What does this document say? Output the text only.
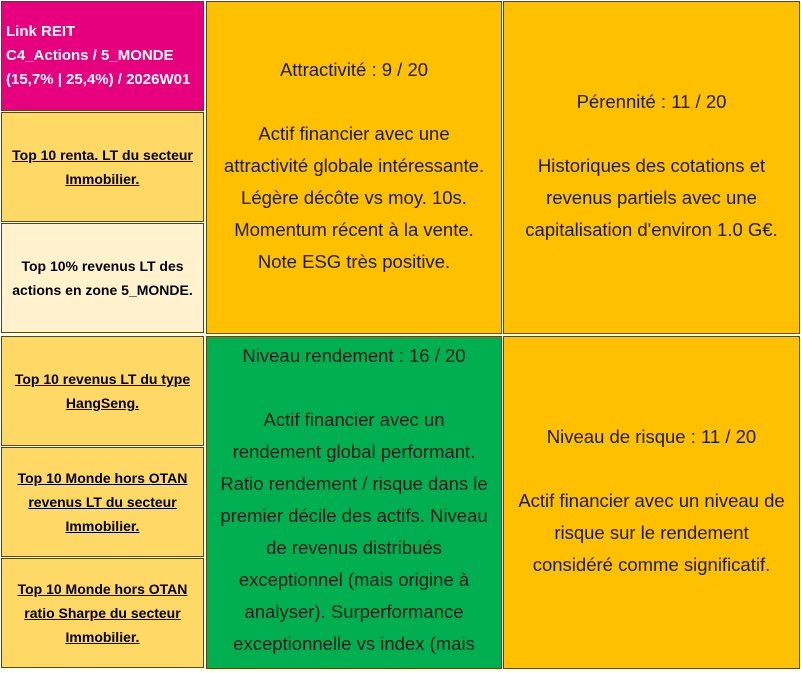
Link REIT
C4_Actions / 5_MONDE
(15,7% | 25,4%) / 2026W01
Top 10 renta. LT du secteur
Immobilier.
Top 10% revenus LT des
actions en zone 5_MONDE.
Top 10 revenus LT du type
HangSeng.
Top 10 Monde hors OTAN
revenus LT du secteur
Immobilier.
Top 10 Monde hors OTAN
ratio Sharpe du secteur
Immobilier.
Attractivité : 9 / 20
Actif financier avec une
attractivité globale intéressante.
Légère décôte vs moy. 10s.
Momentum récent à la vente.
Note ESG très positive.
Pérennité : 11 / 20
Historiques des cotations et
revenus partiels avec une
capitalisation d'environ 1.0 G€.
Niveau rendement : 16 / 20
Actif financier avec un
rendement global performant.
Ratio rendement / risque dans le
premier décile des actifs. Niveau
de revenus distribués
exceptionnel (mais origine à
analyser). Surperformance
exceptionnelle vs index (mais
Niveau de risque : 11 / 20
Actif financier avec un niveau de
risque sur le rendement
considéré comme significatif.
